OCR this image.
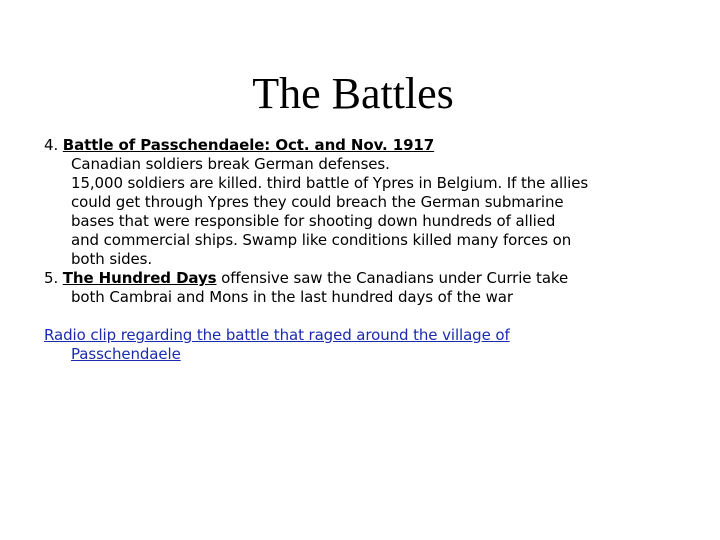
The Battles
4. Battle of Passchendaele: Oct. and Nov. 1917
Canadian soldiers break German defenses.
15,000 soldiers are killed. third battle of Ypres in Belgium. If the allies
could get through Ypres they could breach the German submarine
bases that were responsible for shooting down hundreds of allied
and commercial ships. Swamp like conditions killed many forces on
both sides.
5. The Hundred Days offensive saw the Canadians under Currie take
both Cambrai and Mons in the last hundred days of the war
Radio clip regarding the battle that raged around the village of
Passchendaele
